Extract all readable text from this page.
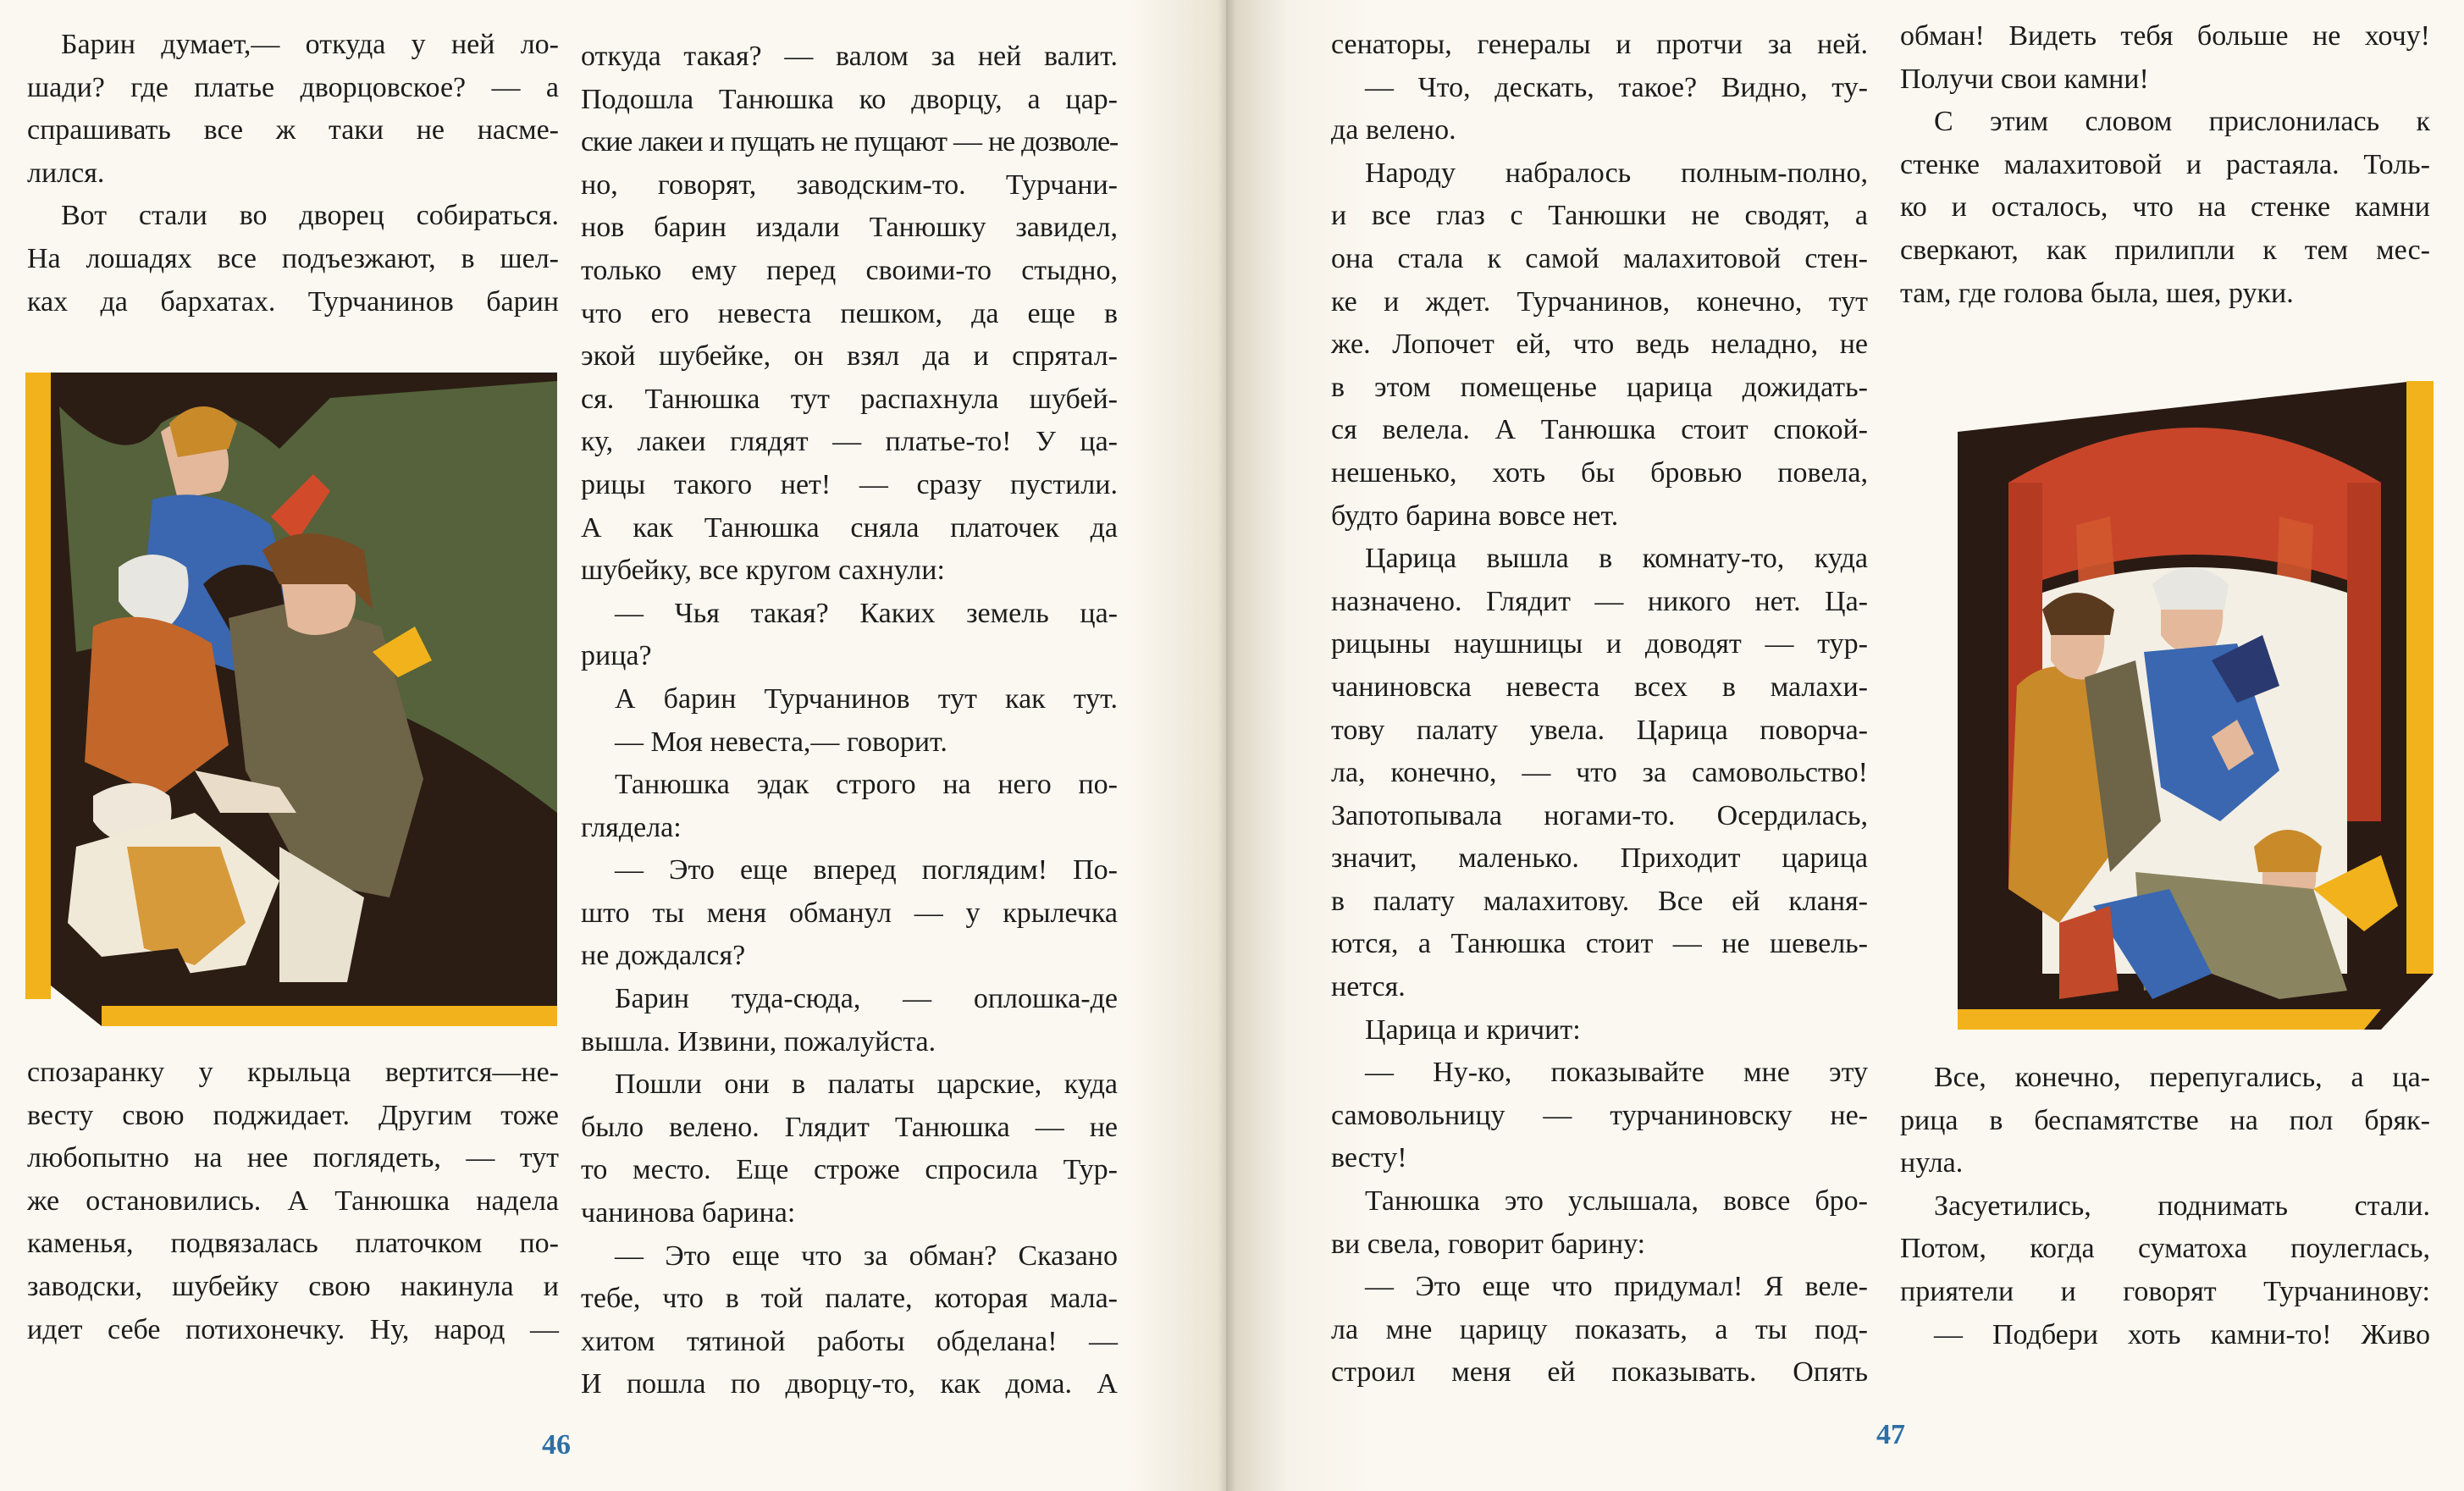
Барин думает,— откуда у ней ло-
шади? где платье дворцовское? — а
спрашивать все ж таки не насме-
лился.
Вот стали во дворец собираться.
На лошадях все подъезжают, в шел-
ках да бархатах. Турчанинов барин
спозаранку у крыльца вертится—не-
весту свою поджидает. Другим тоже
любопытно на нее поглядеть, — тут
же остановились. А Танюшка надела
каменья, подвязалась платочком по-
заводски, шубейку свою накинула и
идет себе потихонечку. Ну, народ —
откуда такая? — валом за ней валит.
Подошла Танюшка ко дворцу, а цар-
ские лакеи и пущать не пущают — не дозволе-
но, говорят, заводским-то. Турчани-
нов барин издали Танюшку завидел,
только ему перед своими-то стыдно,
что его невеста пешком, да еще в
экой шубейке, он взял да и спрятал-
ся. Танюшка тут распахнула шубей-
ку, лакеи глядят — платье-то! У ца-
рицы такого нет! — сразу пустили.
А как Танюшка сняла платочек да
шубейку, все кругом сахнули:
— Чья такая? Каких земель ца-
рица?
А барин Турчанинов тут как тут.
— Моя невеста,— говорит.
Танюшка эдак строго на него по-
глядела:
— Это еще вперед поглядим! По-
што ты меня обманул — у крылечка
не дождался?
Барин туда-сюда, — оплошка-де
вышла. Извини, пожалуйста.
Пошли они в палаты царские, куда
было велено. Глядит Танюшка — не
то место. Еще строже спросила Тур-
чанинова барина:
— Это еще что за обман? Сказано
тебе, что в той палате, которая мала-
хитом тятиной работы обделана! —
И пошла по дворцу-то, как дома. А
46
сенаторы, генералы и протчи за ней.
— Что, дескать, такое? Видно, ту-
да велено.
Народу набралось полным-полно,
и все глаз с Танюшки не сводят, а
она стала к самой малахитовой стен-
ке и ждет. Турчанинов, конечно, тут
же. Лопочет ей, что ведь неладно, не
в этом помещенье царица дожидать-
ся велела. А Танюшка стоит спокой-
нешенько, хоть бы бровью повела,
будто барина вовсе нет.
Царица вышла в комнату-то, куда
назначено. Глядит — никого нет. Ца-
рицыны наушницы и доводят — тур-
чаниновска невеста всех в малахи-
тову палату увела. Царица поворча-
ла, конечно, — что за самовольство!
Запотопывала ногами-то. Осердилась,
значит, маленько. Приходит царица
в палату малахитову. Все ей кланя-
ются, а Танюшка стоит — не шевель-
нется.
Царица и кричит:
— Ну-ко, показывайте мне эту
самовольницу — турчаниновску не-
весту!
Танюшка это услышала, вовсе бро-
ви свела, говорит барину:
— Это еще что придумал! Я веле-
ла мне царицу показать, а ты под-
строил меня ей показывать. Опять
обман! Видеть тебя больше не хочу!
Получи свои камни!
С этим словом прислонилась к
стенке малахитовой и растаяла. Толь-
ко и осталось, что на стенке камни
сверкают, как прилипли к тем мес-
там, где голова была, шея, руки.
Все, конечно, перепугались, а ца-
рица в беспамятстве на пол бряк-
нула.
Засуетились, поднимать стали.
Потом, когда суматоха поулеглась,
приятели и говорят Турчанинову:
— Подбери хоть камни-то! Живо
47
